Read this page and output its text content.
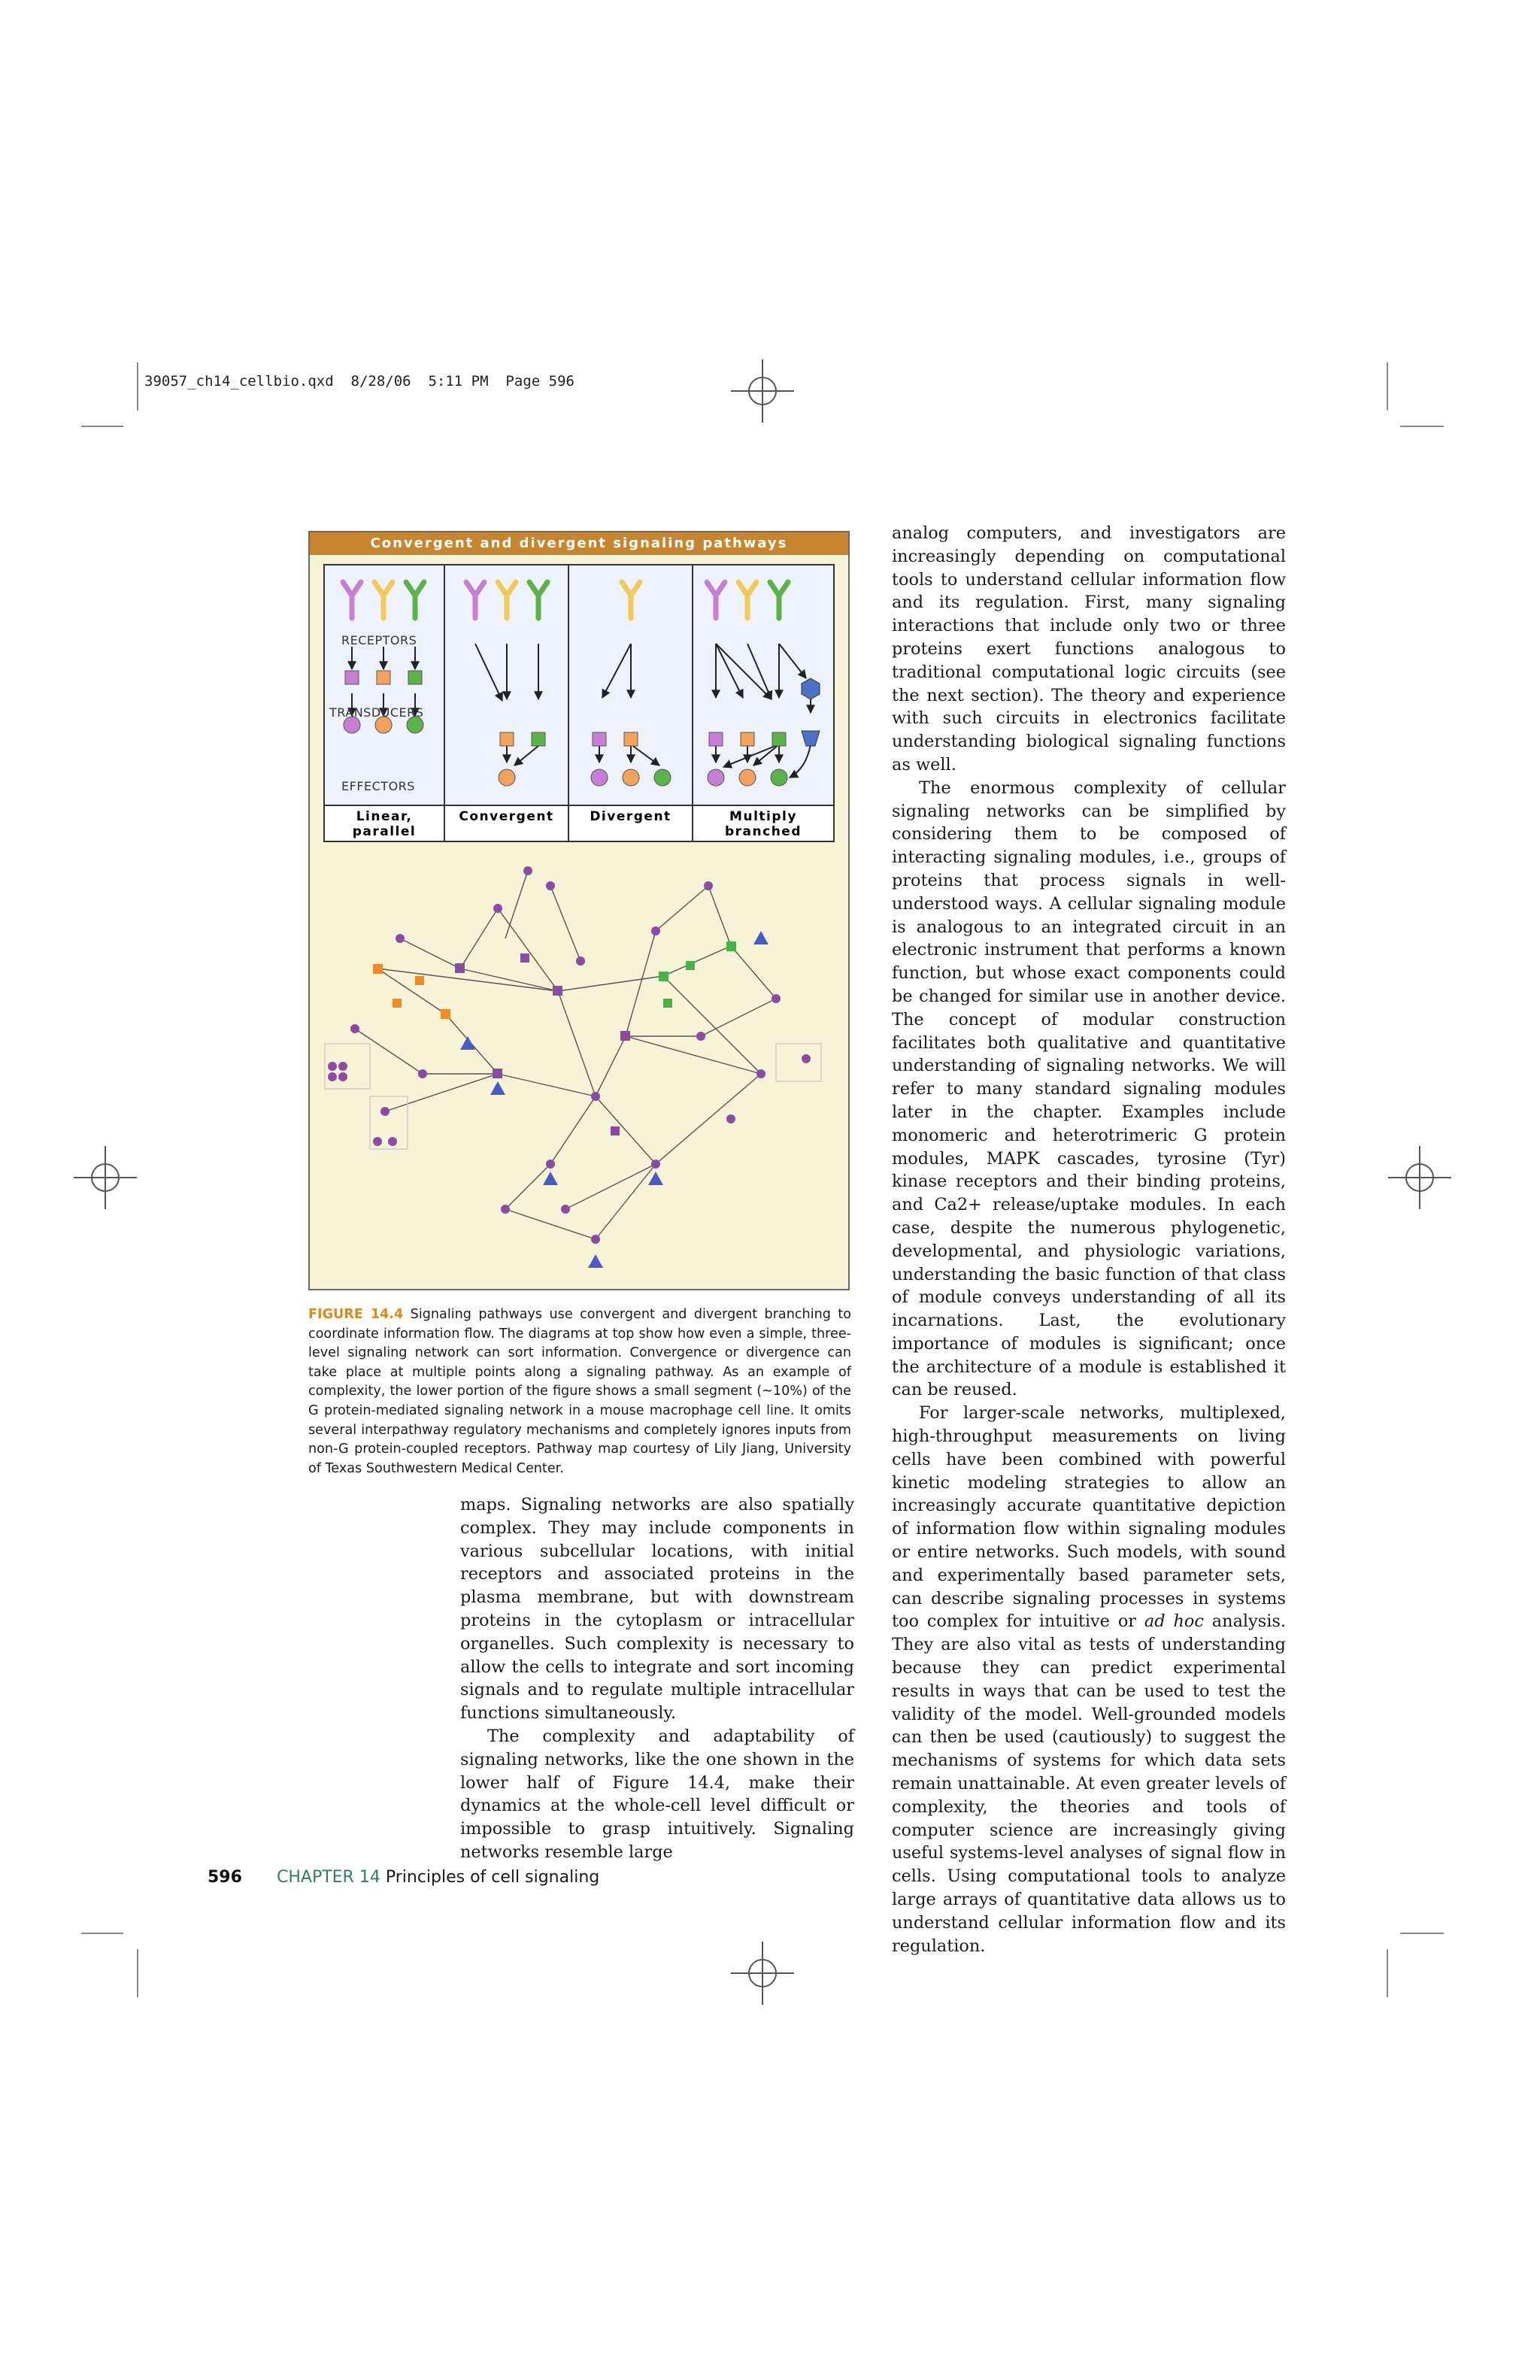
39057_ch14_cellbio.qxd  8/28/06  5:11 PM  Page 596
Convergent and divergent signaling pathways
RECEPTORS
TRANSDUCERS
EFFECTORS
Linear,
parallel
Convergent	Divergent	Multiply
branched
FIGURE 14.4 Signaling pathways use convergent and divergent branching to coordinate information flow. The diagrams at top show how even a simple, three-level signaling network can sort information. Convergence or divergence can take place at multiple points along a signaling pathway. As an example of complexity, the lower portion of the figure shows a small segment (~10%) of the G protein-mediated signaling network in a mouse macrophage cell line. It omits several interpathway regulatory mechanisms and completely ignores inputs from non-G protein-coupled receptors. Pathway map courtesy of Lily Jiang, University of Texas Southwestern Medical Center.

analog computers, and investigators are increasingly depending on computational tools to understand cellular information flow and its regulation. First, many signaling interactions that include only two or three proteins exert functions analogous to traditional computational logic circuits (see the next section). The theory and experience with such circuits in electronics facilitate understanding biological signaling functions as well.

The enormous complexity of cellular signaling networks can be simplified by considering them to be composed of interacting signaling modules, i.e., groups of proteins that process signals in well-understood ways. A cellular signaling module is analogous to an integrated circuit in an electronic instrument that performs a known function, but whose exact components could be changed for similar use in another device. The concept of modular construction facilitates both qualitative and quantitative understanding of signaling networks. We will refer to many standard signaling modules later in the chapter. Examples include monomeric and heterotrimeric G protein modules, MAPK cascades, tyrosine (Tyr) kinase receptors and their binding proteins, and Ca2+ release/uptake modules. In each case, despite the numerous phylogenetic, developmental, and physiologic variations, understanding the basic function of that class of module conveys understanding of all its incarnations. Last, the evolutionary importance of modules is significant; once the architecture of a module is established it can be reused.

For larger-scale networks, multiplexed, high-throughput measurements on living cells have been combined with powerful kinetic modeling strategies to allow an increasingly accurate quantitative depiction of information flow within signaling modules or entire networks. Such models, with sound and experimentally based parameter sets, can describe signaling processes in systems too complex for intuitive or ad hoc analysis. They are also vital as tests of understanding because they can predict experimental results in ways that can be used to test the validity of the model. Well-grounded models can then be used (cautiously) to suggest the mechanisms of systems for which data sets remain unattainable. At even greater levels of complexity, the theories and tools of computer science are increasingly giving useful systems-level analyses of signal flow in cells. Using computational tools to analyze large arrays of quantitative data allows us to understand cellular information flow and its regulation.

maps. Signaling networks are also spatially complex. They may include components in various subcellular locations, with initial receptors and associated proteins in the plasma membrane, but with downstream proteins in the cytoplasm or intracellular organelles. Such complexity is necessary to allow the cells to integrate and sort incoming signals and to regulate multiple intracellular functions simultaneously.

The complexity and adaptability of signaling networks, like the one shown in the lower half of Figure 14.4, make their dynamics at the whole-cell level difficult or impossible to grasp intuitively. Signaling networks resemble large

596 CHAPTER 14 Principles of cell signaling
